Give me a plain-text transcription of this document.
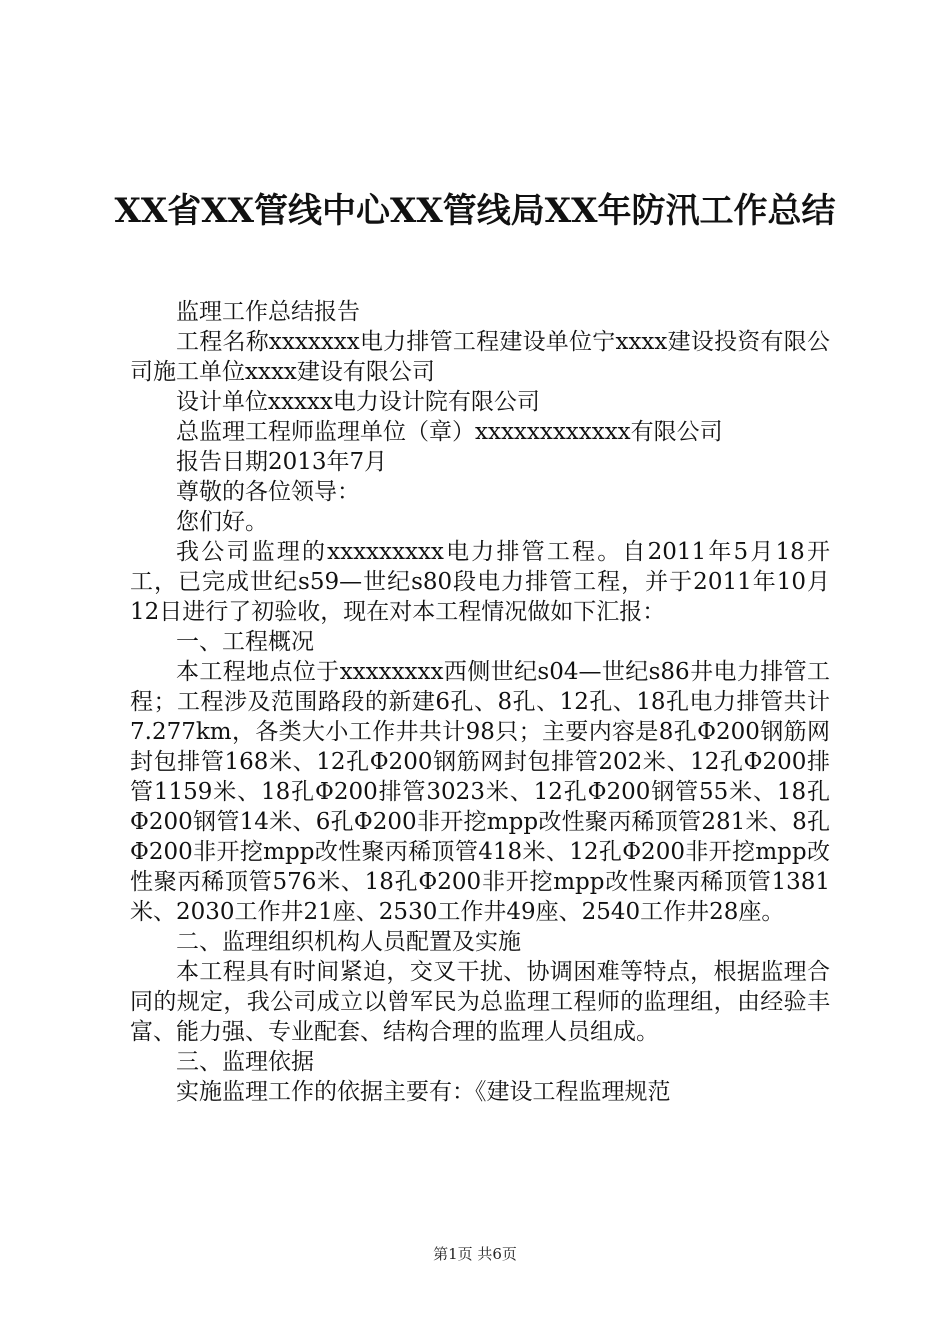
XX省XX管线中心XX管线局XX年防汛工作总结

监理工作总结报告

工程名称xxxxxxx电力排管工程建设单位宁xxxx建设投资有限公司施工单位xxxx建设有限公司

设计单位xxxxx电力设计院有限公司

总监理工程师监理单位（章）xxxxxxxxxxxx有限公司

报告日期2013年7月

尊敬的各位领导：

您们好。

我公司监理的xxxxxxxxx电力排管工程。自2011年5月18开工，已完成世纪s59—世纪s80段电力排管工程，并于2011年10月12日进行了初验收，现在对本工程情况做如下汇报：

一、工程概况

本工程地点位于xxxxxxxx西侧世纪s04—世纪s86井电力排管工程；工程涉及范围路段的新建6孔、8孔、12孔、18孔电力排管共计7.277km，各类大小工作井共计98只；主要内容是8孔Φ200钢筋网封包排管168米、12孔Φ200钢筋网封包排管202米、12孔Φ200排管1159米、18孔Φ200排管3023米、12孔Φ200钢管55米、18孔Φ200钢管14米、6孔Φ200非开挖mpp改性聚丙稀顶管281米、8孔Φ200非开挖mpp改性聚丙稀顶管418米、12孔Φ200非开挖mpp改性聚丙稀顶管576米、18孔Φ200非开挖mpp改性聚丙稀顶管1381米、2030工作井21座、2530工作井49座、2540工作井28座。

二、监理组织机构人员配置及实施

本工程具有时间紧迫，交叉干扰、协调困难等特点，根据监理合同的规定，我公司成立以曾军民为总监理工程师的监理组，由经验丰富、能力强、专业配套、结构合理的监理人员组成。

三、监理依据

实施监理工作的依据主要有：《建设工程监理规范

第1页 共6页
